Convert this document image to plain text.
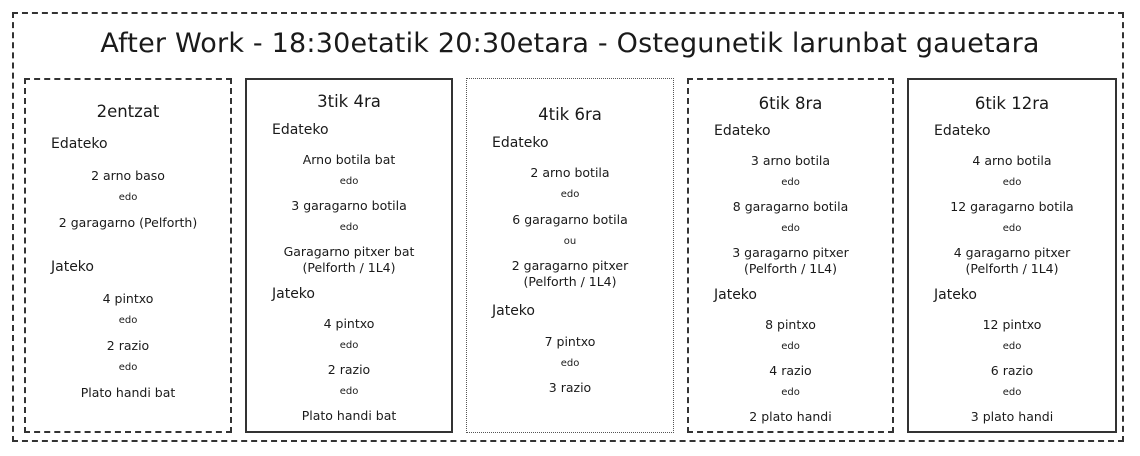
After Work - 18:30etatik 20:30etara - Ostegunetik larunbat gauetara
2entzat
Edateko
2 arno baso
edo
2 garagarno (Pelforth)
Jateko
4 pintxo
edo
2 razio
edo
Plato handi bat
3tik 4ra
Edateko
Arno botila bat
edo
3 garagarno botila
edo
Garagarno pitxer bat
(Pelforth / 1L4)
Jateko
4 pintxo
edo
2 razio
edo
Plato handi bat
4tik 6ra
Edateko
2 arno botila
edo
6 garagarno botila
ou
2 garagarno pitxer
(Pelforth / 1L4)
Jateko
7 pintxo
edo
3 razio
6tik 8ra
Edateko
3 arno botila
edo
8 garagarno botila
edo
3 garagarno pitxer
(Pelforth / 1L4)
Jateko
8 pintxo
edo
4 razio
edo
2 plato handi
6tik 12ra
Edateko
4 arno botila
edo
12 garagarno botila
edo
4 garagarno pitxer
(Pelforth / 1L4)
Jateko
12 pintxo
edo
6 razio
edo
3 plato handi
